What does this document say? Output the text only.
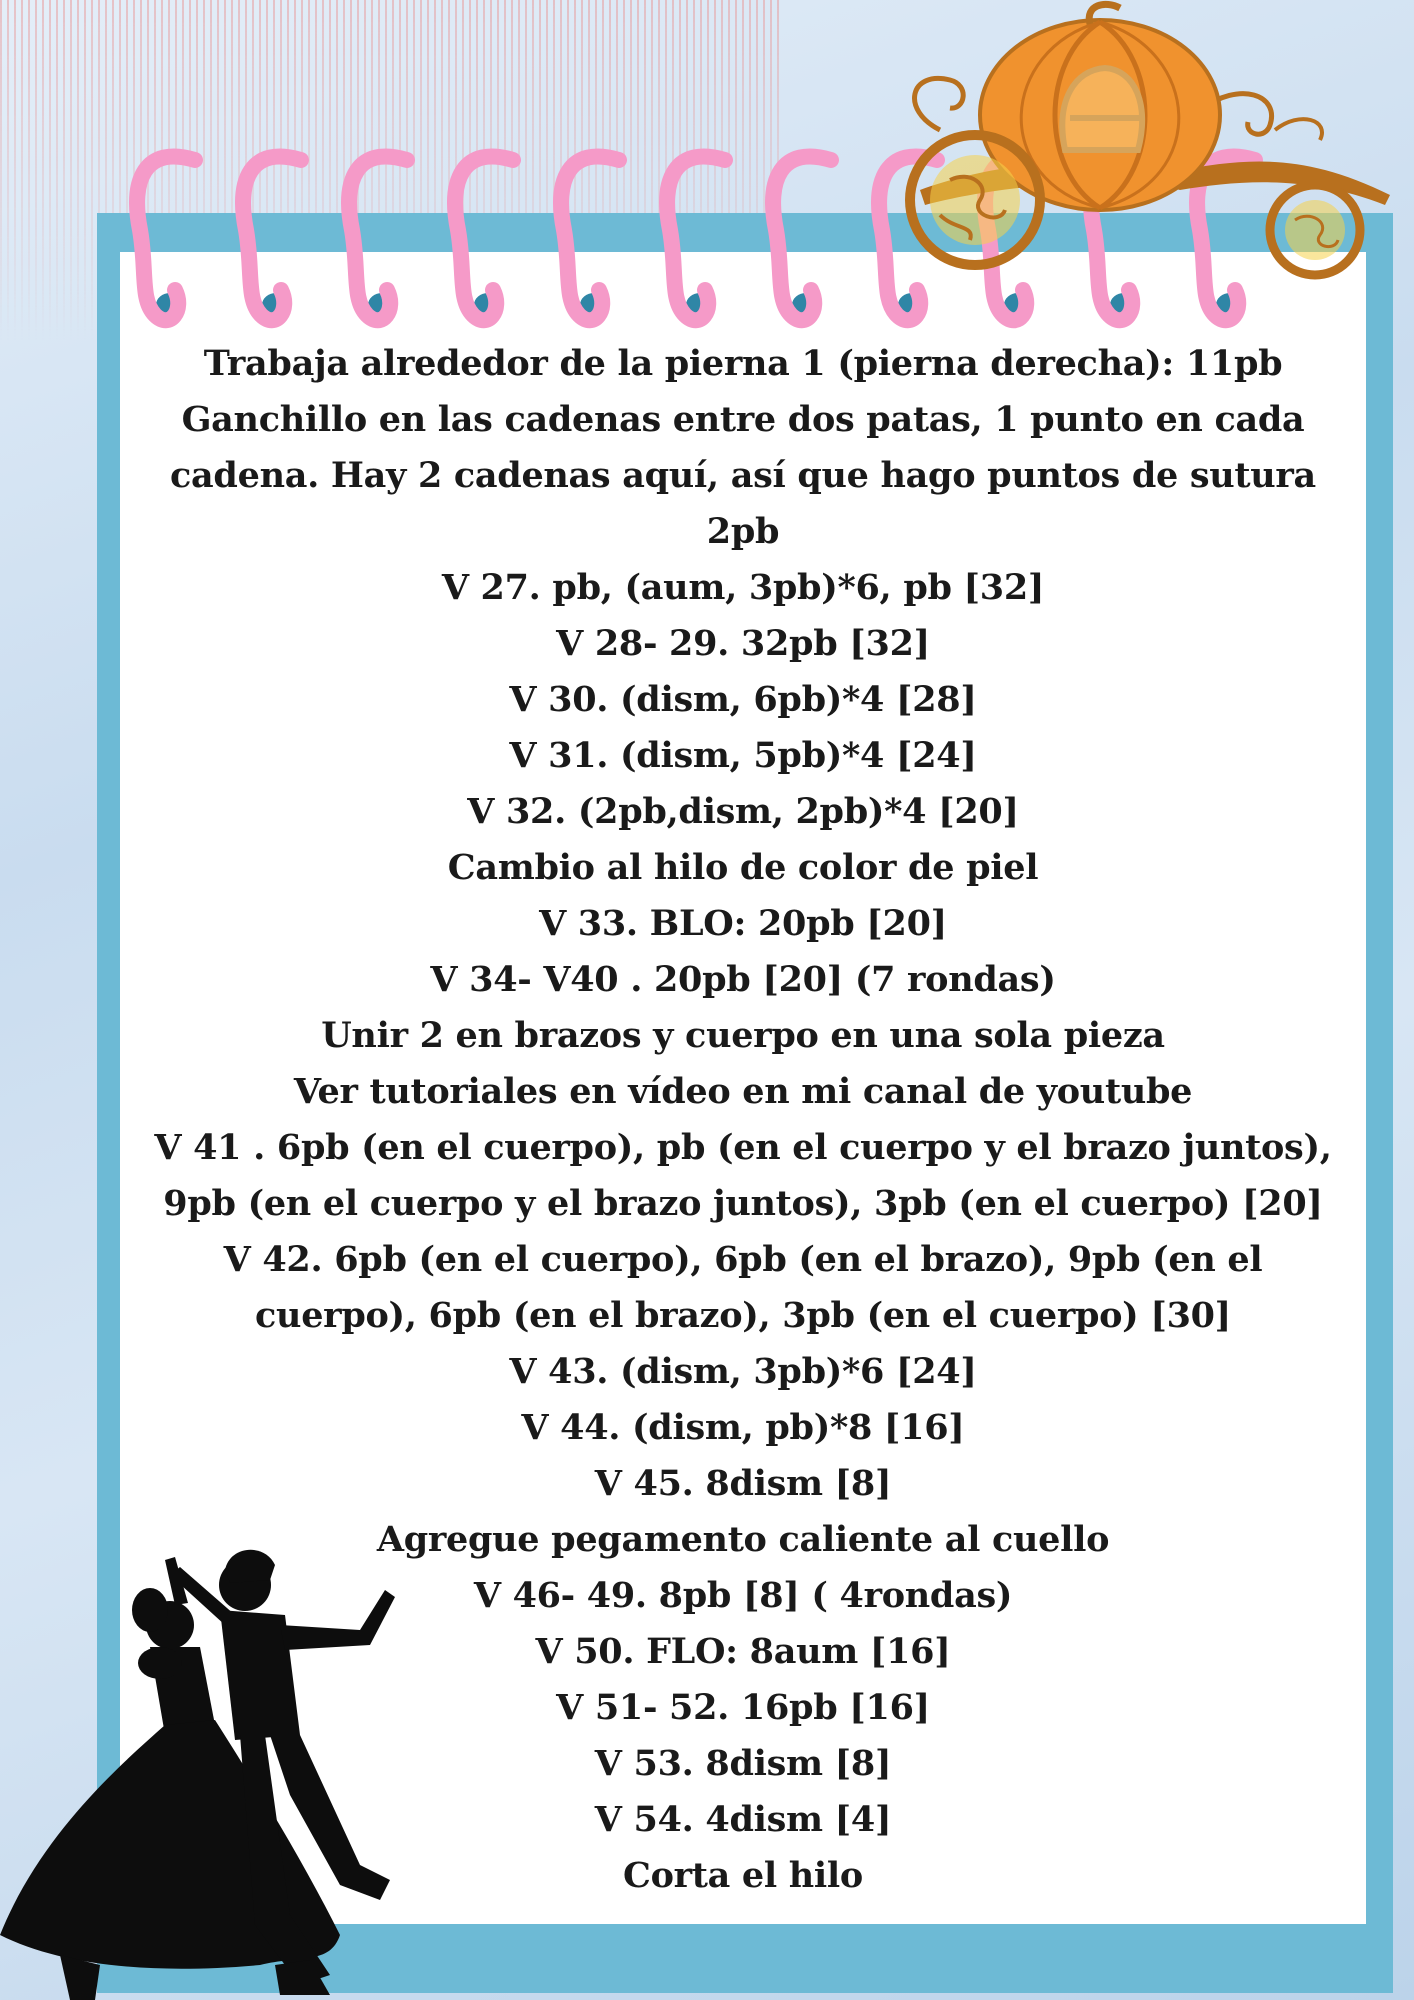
Trabaja alrededor de la pierna 1 (pierna derecha): 11pb
Ganchillo en las cadenas entre dos patas, 1 punto en cada
cadena. Hay 2 cadenas aquí, así que hago puntos de sutura
2pb
V 27. pb, (aum, 3pb)*6, pb [32]
V 28- 29. 32pb [32]
V 30. (dism, 6pb)*4 [28]
V 31. (dism, 5pb)*4 [24]
V 32. (2pb,dism, 2pb)*4 [20]
Cambio al hilo de color de piel
V 33. BLO: 20pb [20]
V 34- V40 . 20pb [20] (7 rondas)
Unir 2 en brazos y cuerpo en una sola pieza
Ver tutoriales en vídeo en mi canal de youtube
V 41 . 6pb (en el cuerpo), pb (en el cuerpo y el brazo juntos),
9pb (en el cuerpo y el brazo juntos), 3pb (en el cuerpo) [20]
V 42. 6pb (en el cuerpo), 6pb (en el brazo), 9pb (en el
cuerpo), 6pb (en el brazo), 3pb (en el cuerpo) [30]
V 43. (dism, 3pb)*6 [24]
V 44. (dism, pb)*8 [16]
V 45. 8dism [8]
Agregue pegamento caliente al cuello
V 46- 49. 8pb [8] ( 4rondas)
V 50. FLO: 8aum [16]
V 51- 52. 16pb [16]
V 53. 8dism [8]
V 54. 4dism [4]
Corta el hilo
